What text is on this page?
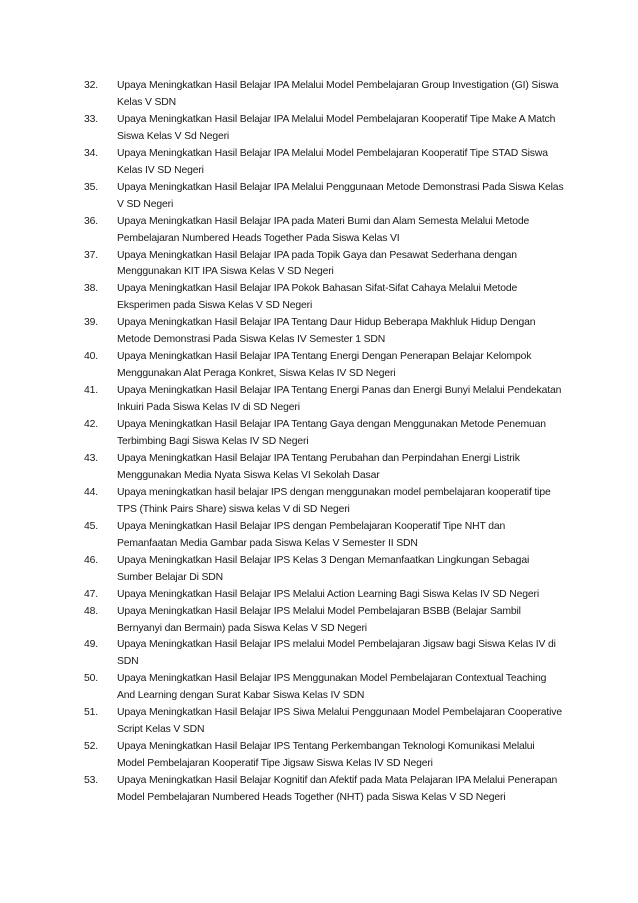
32.	Upaya Meningkatkan Hasil Belajar IPA Melalui Model Pembelajaran Group Investigation (GI) Siswa Kelas V SDN
33.	Upaya Meningkatkan Hasil Belajar IPA Melalui Model Pembelajaran Kooperatif Tipe Make A Match Siswa Kelas V Sd Negeri
34.	Upaya Meningkatkan Hasil Belajar IPA Melalui Model Pembelajaran Kooperatif Tipe STAD Siswa Kelas IV SD Negeri
35.	Upaya Meningkatkan Hasil Belajar IPA Melalui Penggunaan Metode Demonstrasi Pada Siswa Kelas V SD Negeri
36.	Upaya Meningkatkan Hasil Belajar IPA pada Materi Bumi dan Alam Semesta Melalui Metode Pembelajaran Numbered Heads Together Pada Siswa Kelas VI
37.	Upaya Meningkatkan Hasil Belajar IPA pada Topik Gaya dan Pesawat Sederhana dengan Menggunakan KIT IPA Siswa Kelas V SD Negeri
38.	Upaya Meningkatkan Hasil Belajar IPA Pokok Bahasan Sifat-Sifat Cahaya Melalui Metode Eksperimen pada Siswa Kelas V SD Negeri
39.	Upaya Meningkatkan Hasil Belajar IPA Tentang Daur Hidup Beberapa Makhluk Hidup Dengan Metode Demonstrasi Pada Siswa Kelas IV Semester 1 SDN
40.	Upaya Meningkatkan Hasil Belajar IPA Tentang Energi Dengan Penerapan Belajar Kelompok Menggunakan Alat Peraga Konkret, Siswa Kelas IV SD Negeri
41.	Upaya Meningkatkan Hasil Belajar IPA Tentang Energi Panas dan Energi Bunyi Melalui Pendekatan Inkuiri Pada Siswa Kelas IV di SD Negeri
42.	Upaya Meningkatkan Hasil Belajar IPA Tentang Gaya dengan Menggunakan Metode Penemuan Terbimbing Bagi Siswa Kelas IV SD Negeri
43.	Upaya Meningkatkan Hasil Belajar IPA Tentang Perubahan dan Perpindahan Energi Listrik Menggunakan Media Nyata Siswa Kelas VI Sekolah Dasar
44.	Upaya meningkatkan hasil belajar IPS dengan menggunakan model pembelajaran kooperatif tipe TPS (Think Pairs Share) siswa kelas V di SD Negeri
45.	Upaya Meningkatkan Hasil Belajar IPS dengan Pembelajaran Kooperatif Tipe NHT dan Pemanfaatan Media Gambar pada Siswa Kelas V Semester II SDN
46.	Upaya Meningkatkan Hasil Belajar IPS Kelas 3 Dengan Memanfaatkan Lingkungan Sebagai Sumber Belajar Di SDN
47.	Upaya Meningkatkan Hasil Belajar IPS Melalui Action Learning Bagi Siswa Kelas IV SD Negeri
48.	Upaya Meningkatkan Hasil Belajar IPS Melalui Model Pembelajaran BSBB (Belajar Sambil Bernyanyi dan Bermain) pada Siswa Kelas V SD Negeri
49.	Upaya Meningkatkan Hasil Belajar IPS melalui Model Pembelajaran Jigsaw bagi Siswa Kelas IV di SDN
50.	Upaya Meningkatkan Hasil Belajar IPS Menggunakan Model Pembelajaran Contextual Teaching And Learning dengan Surat Kabar Siswa Kelas IV SDN
51.	Upaya Meningkatkan Hasil Belajar IPS Siwa Melalui Penggunaan Model Pembelajaran Cooperative Script Kelas V SDN
52.	Upaya Meningkatkan Hasil Belajar IPS Tentang Perkembangan Teknologi Komunikasi Melalui Model Pembelajaran Kooperatif Tipe Jigsaw Siswa Kelas IV SD Negeri
53.	Upaya Meningkatkan Hasil Belajar Kognitif dan Afektif pada Mata Pelajaran IPA Melalui Penerapan Model Pembelajaran Numbered Heads Together (NHT) pada Siswa Kelas V SD Negeri
